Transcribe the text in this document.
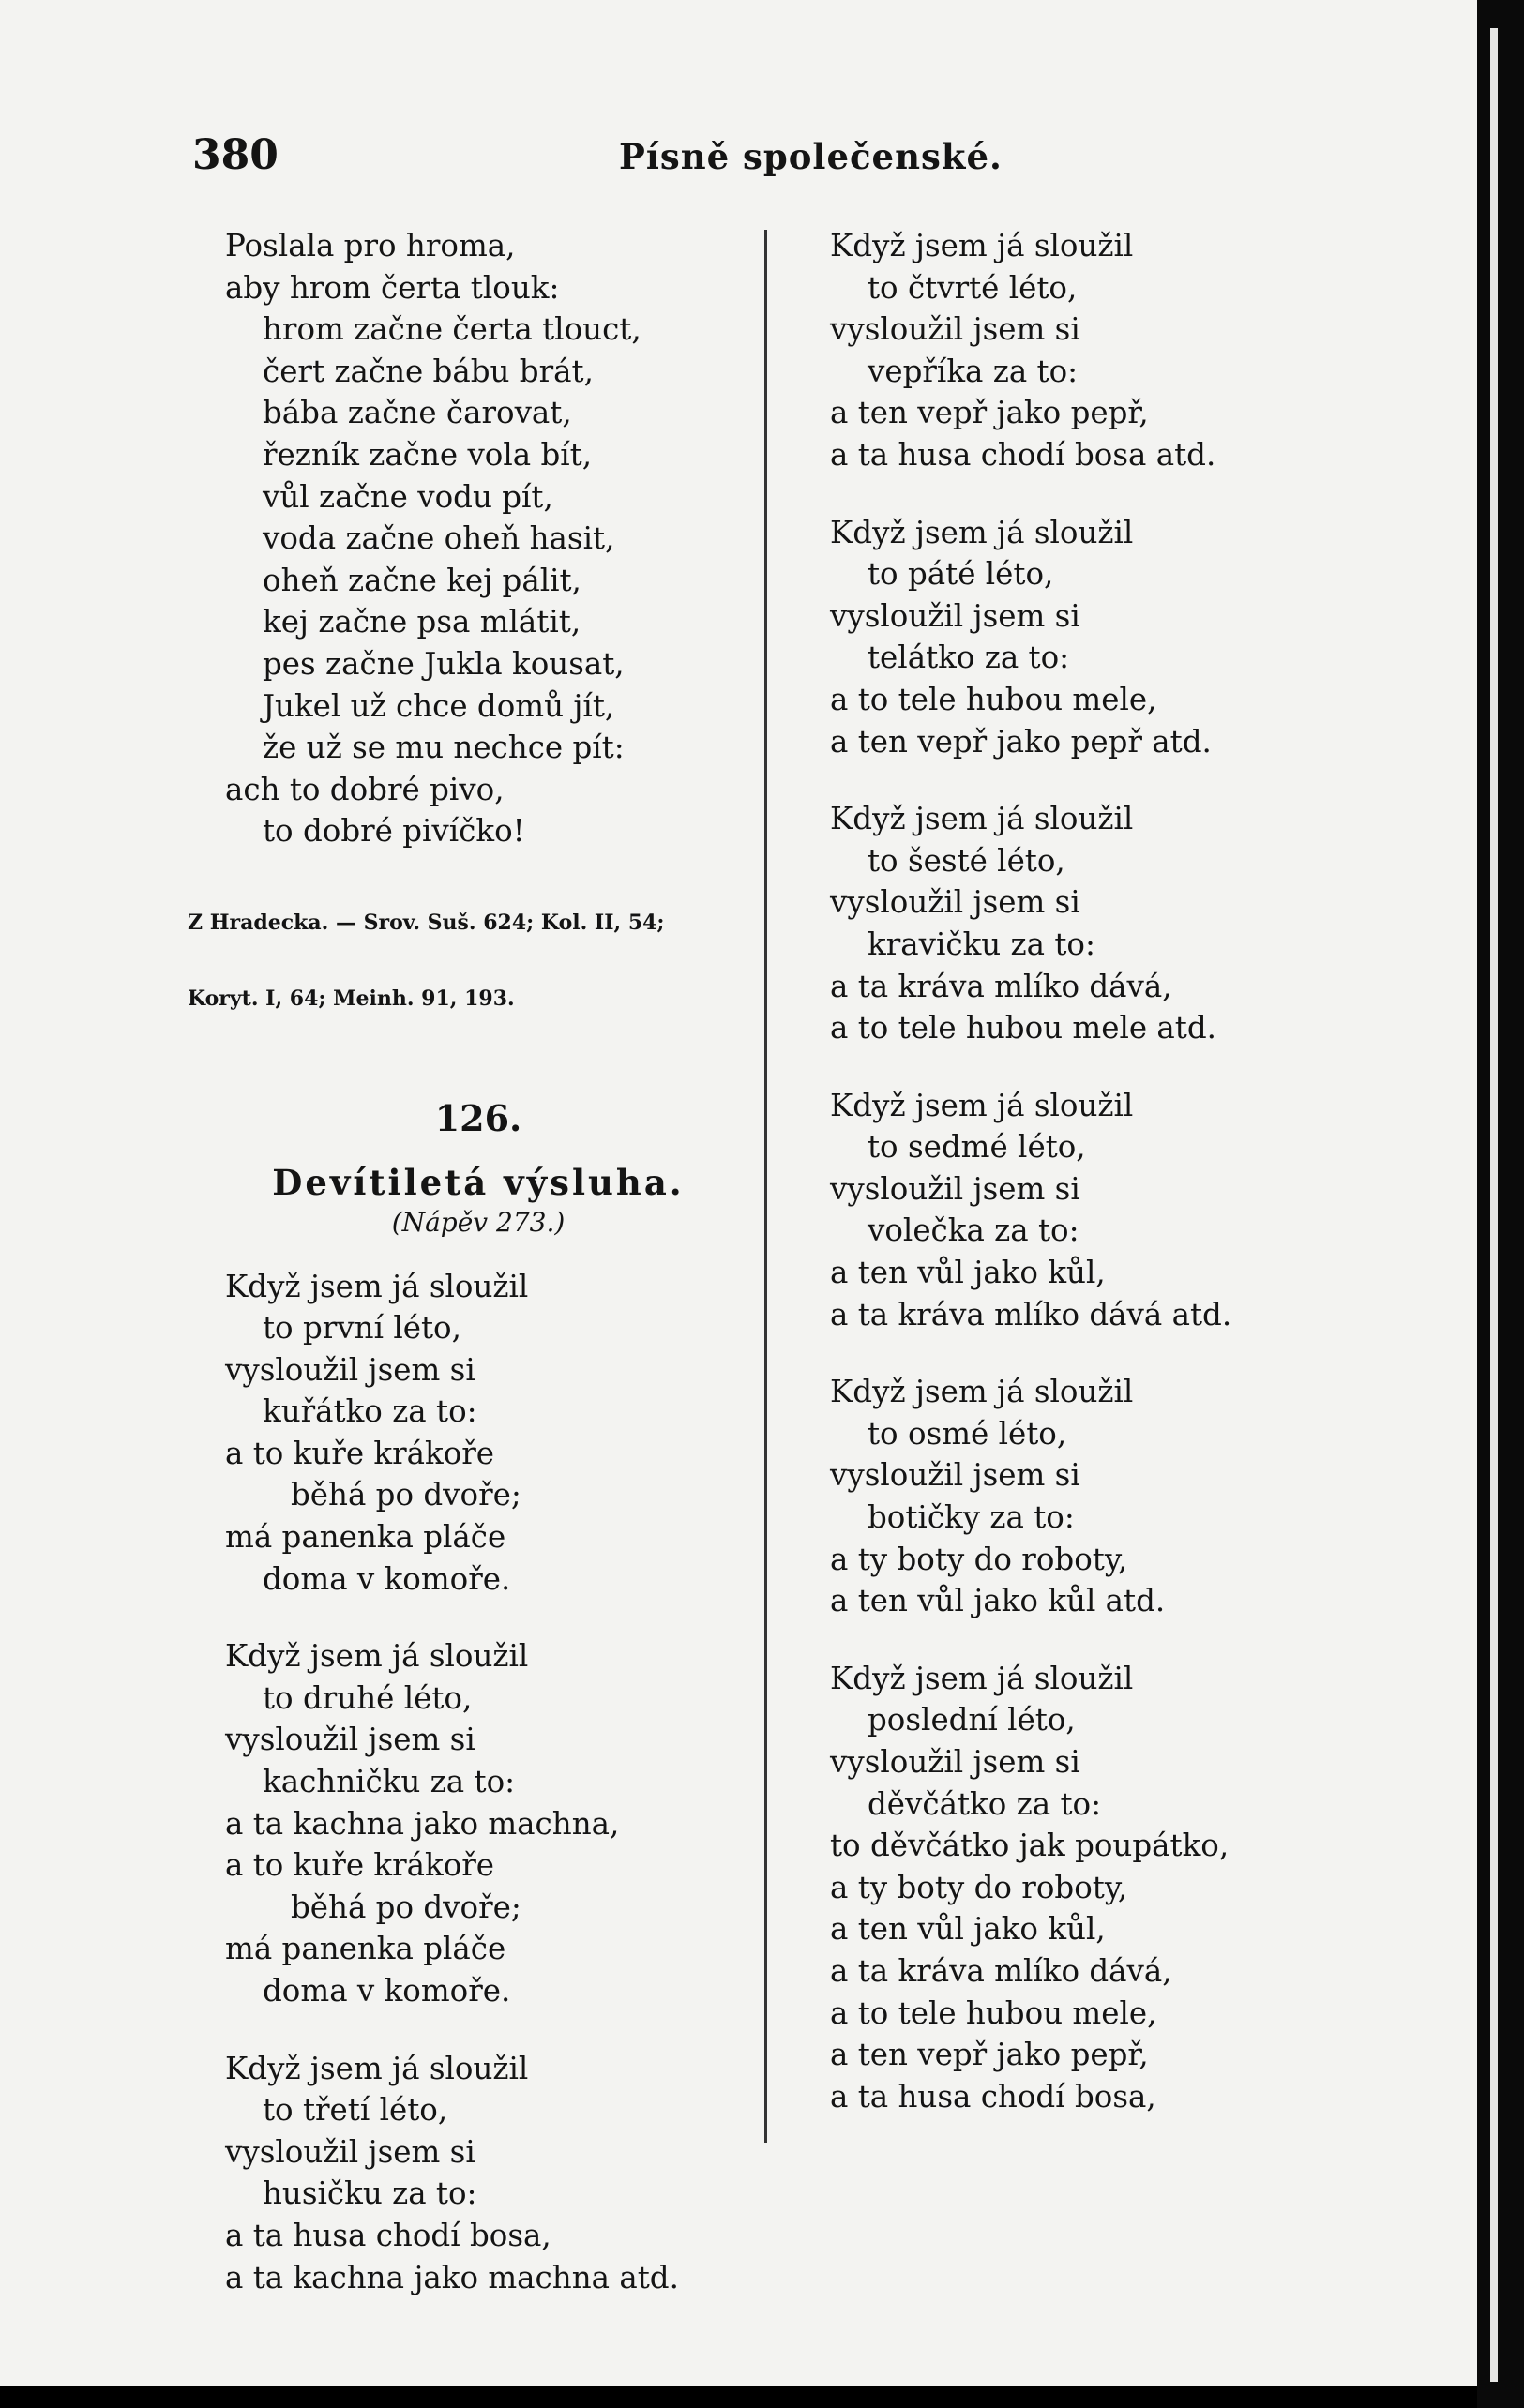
380	Písně společenské.
Poslala pro hroma,
aby hrom čerta tlouk:
hrom začne čerta tlouct,
čert začne bábu brát,
bába začne čarovat,
řezník začne vola bít,
vůl začne vodu pít,
voda začne oheň hasit,
oheň začne kej pálit,
kej začne psa mlátit,
pes začne Jukla kousat,
Jukel už chce domů jít,
že už se mu nechce pít:
ach to dobré pivo,
to dobré pivíčko!

Z Hradecka. — Srov. Suš. 624; Kol. II, 54;

Koryt. I, 64; Meinh. 91, 193.

126.
Devítiletá výsluha.
(Nápěv 273.)
Když jsem já sloužil
to první léto,
vysloužil jsem si
kuřátko za to:
a to kuře krákoře
běhá po dvoře;
má panenka pláče
doma v komoře.
Když jsem já sloužil
to druhé léto,
vysloužil jsem si
kachničku za to:
a ta kachna jako machna,
a to kuře krákoře
běhá po dvoře;
má panenka pláče
doma v komoře.
Když jsem já sloužil
to třetí léto,
vysloužil jsem si
husičku za to:
a ta husa chodí bosa,
a ta kachna jako machna atd.
Když jsem já sloužil
to čtvrté léto,
vysloužil jsem si
vepříka za to:
a ten vepř jako pepř,
a ta husa chodí bosa atd.
Když jsem já sloužil
to páté léto,
vysloužil jsem si
telátko za to:
a to tele hubou mele,
a ten vepř jako pepř atd.
Když jsem já sloužil
to šesté léto,
vysloužil jsem si
kravičku za to:
a ta kráva mlíko dává,
a to tele hubou mele atd.
Když jsem já sloužil
to sedmé léto,
vysloužil jsem si
volečka za to:
a ten vůl jako kůl,
a ta kráva mlíko dává atd.
Když jsem já sloužil
to osmé léto,
vysloužil jsem si
botičky za to:
a ty boty do roboty,
a ten vůl jako kůl atd.
Když jsem já sloužil
poslední léto,
vysloužil jsem si
děvčátko za to:
to děvčátko jak poupátko,
a ty boty do roboty,
a ten vůl jako kůl,
a ta kráva mlíko dává,
a to tele hubou mele,
a ten vepř jako pepř,
a ta husa chodí bosa,
